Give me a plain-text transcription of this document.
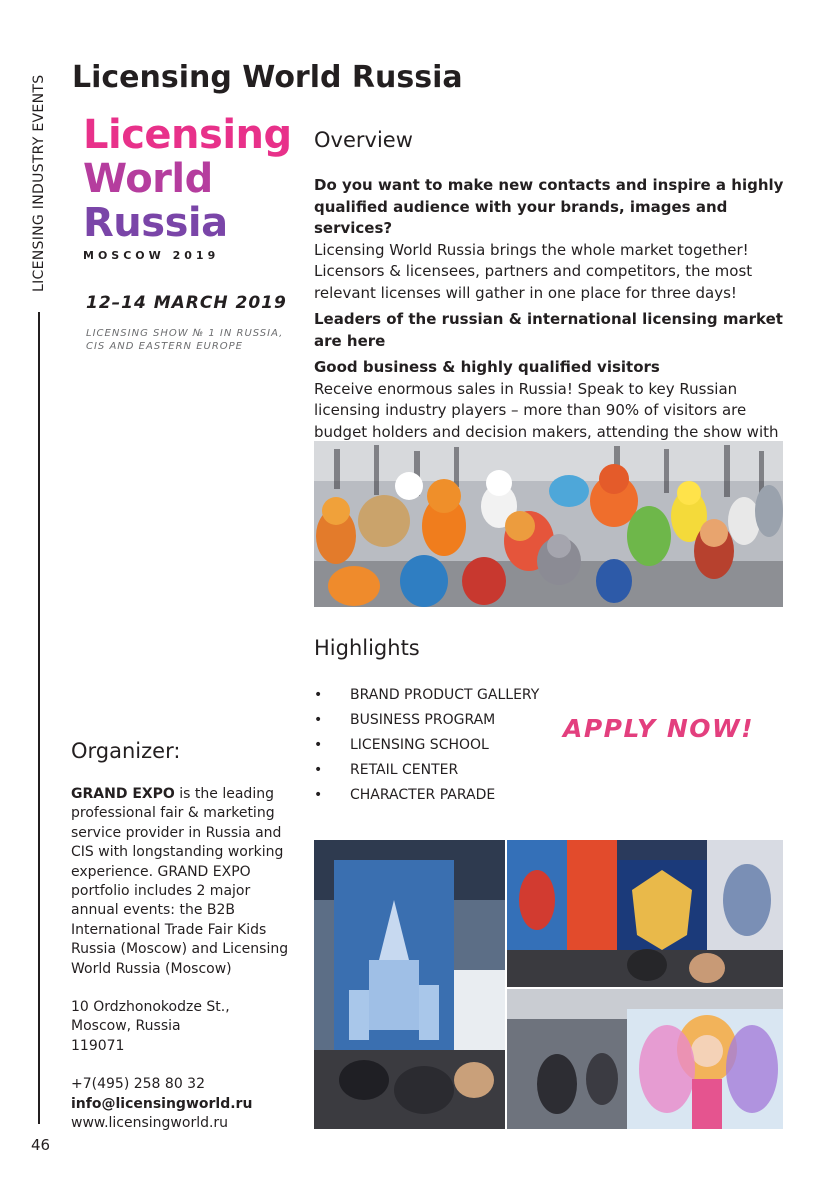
LICENSING INDUSTRY EVENTS
46
Licensing World Russia
Licensing
World
Russia
MOSCOW 2019
12–14 MARCH 2019
LICENSING SHOW № 1 IN RUSSIA, CIS AND EASTERN EUROPE
Overview

Do you want to make new contacts and inspire a highly qualified audience with your brands, images and services?
Licensing World Russia brings the whole market together! Licensors & licensees, partners and competitors, the most relevant licenses will gather in one place for three days!

Leaders of the russian & international licensing market are here

Good business & highly qualified visitors
Receive enormous sales in Russia! Speak to key Russian licensing industry players – more than 90% of visitors are budget holders and decision makers, attending the show with

Highlights
• BRAND PRODUCT GALLERY
• BUSINESS PROGRAM
• LICENSING SCHOOL
• RETAIL CENTER
• CHARACTER PARADE
APPLY NOW!
Organizer:

GRAND EXPO is the leading professional fair & marketing service provider in Russia and CIS with longstanding working experience. GRAND EXPO portfolio includes 2 major annual events: the B2B International Trade Fair Kids Russia (Moscow) and Licensing World Russia (Moscow)

10 Ordzhonokodze St.,
Moscow, Russia
119071

+7(495) 258 80 32
info@licensingworld.ru
www.licensingworld.ru
